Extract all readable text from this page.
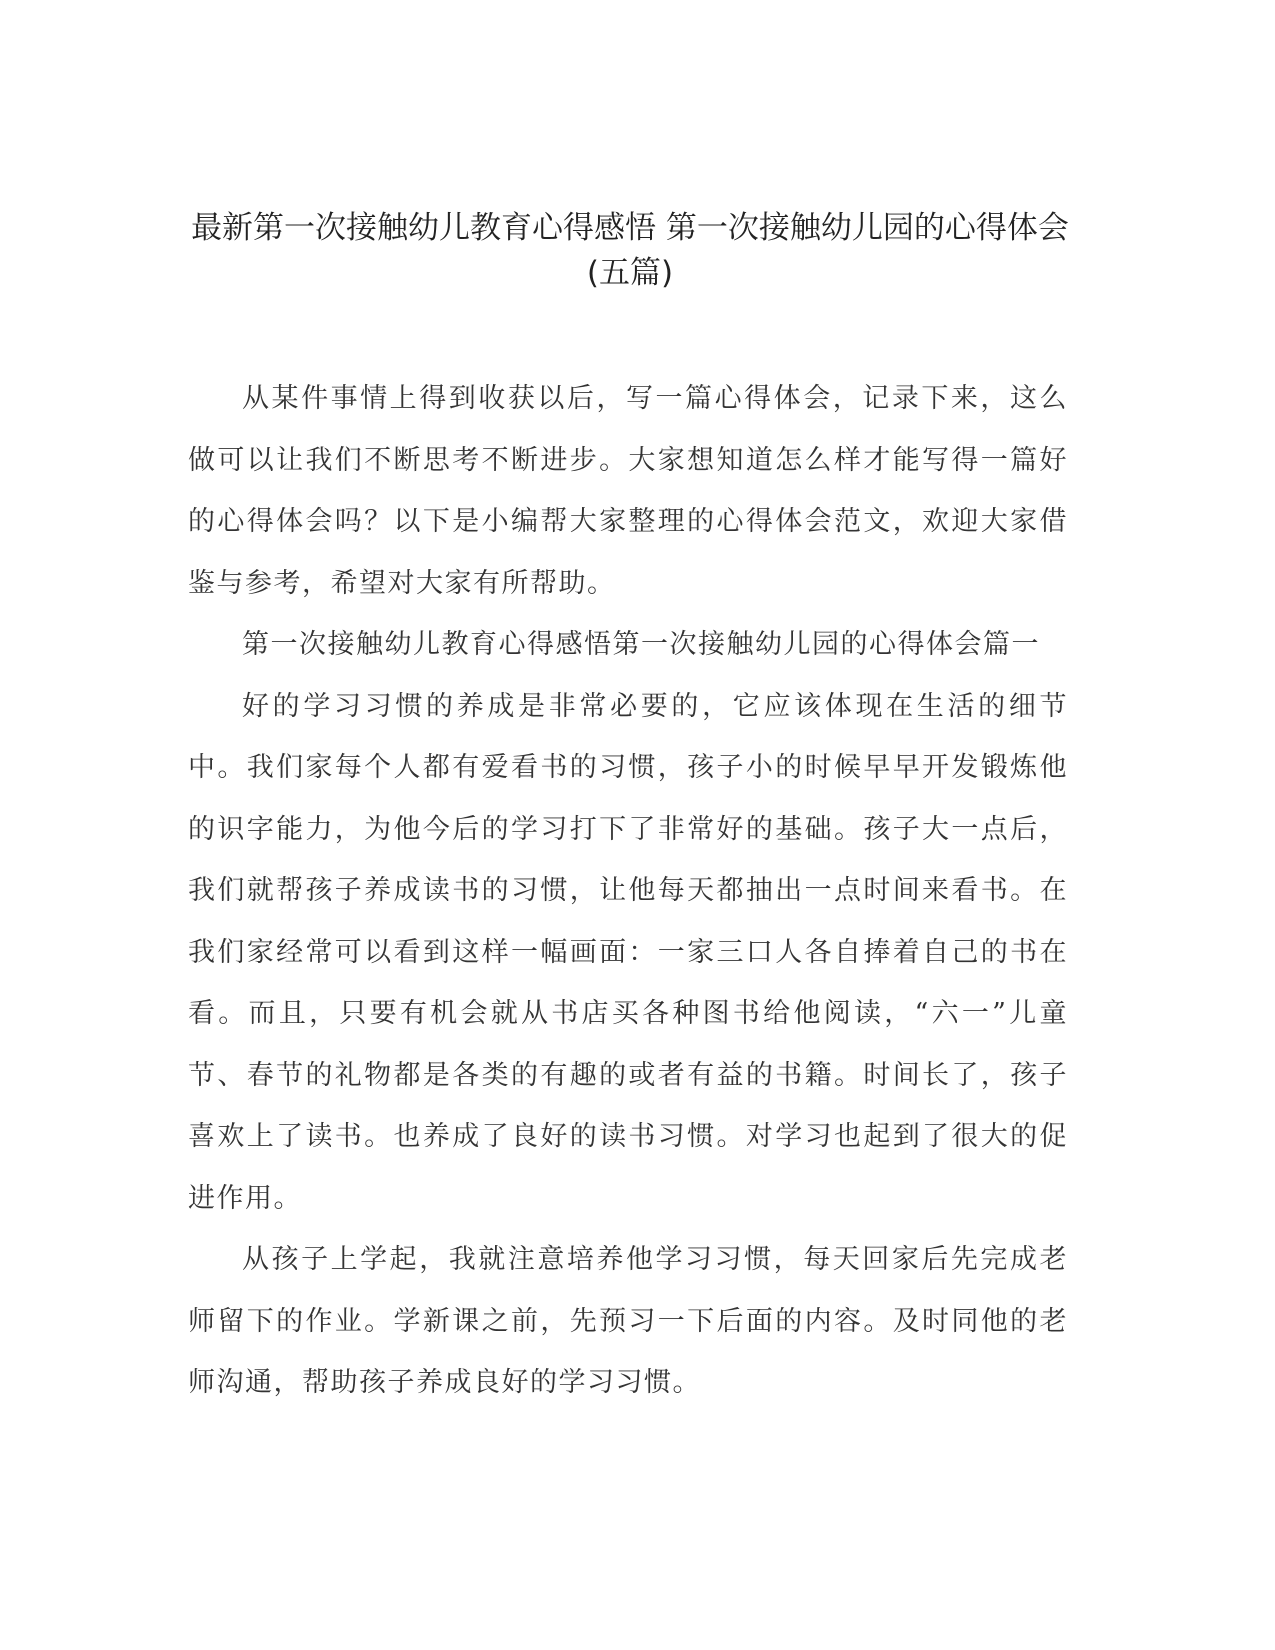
最新第一次接触幼儿教育心得感悟 第一次接触幼儿园的心得体会(五篇)

从某件事情上得到收获以后，写一篇心得体会，记录下来，这么做可以让我们不断思考不断进步。大家想知道怎么样才能写得一篇好的心得体会吗？以下是小编帮大家整理的心得体会范文，欢迎大家借鉴与参考，希望对大家有所帮助。

第一次接触幼儿教育心得感悟第一次接触幼儿园的心得体会篇一

好的学习习惯的养成是非常必要的，它应该体现在生活的细节中。我们家每个人都有爱看书的习惯，孩子小的时候早早开发锻炼他的识字能力，为他今后的学习打下了非常好的基础。孩子大一点后，我们就帮孩子养成读书的习惯，让他每天都抽出一点时间来看书。在我们家经常可以看到这样一幅画面：一家三口人各自捧着自己的书在看。而且，只要有机会就从书店买各种图书给他阅读，“六一”儿童节、春节的礼物都是各类的有趣的或者有益的书籍。时间长了，孩子喜欢上了读书。也养成了良好的读书习惯。对学习也起到了很大的促进作用。

从孩子上学起，我就注意培养他学习习惯，每天回家后先完成老师留下的作业。学新课之前，先预习一下后面的内容。及时同他的老师沟通，帮助孩子养成良好的学习习惯。
